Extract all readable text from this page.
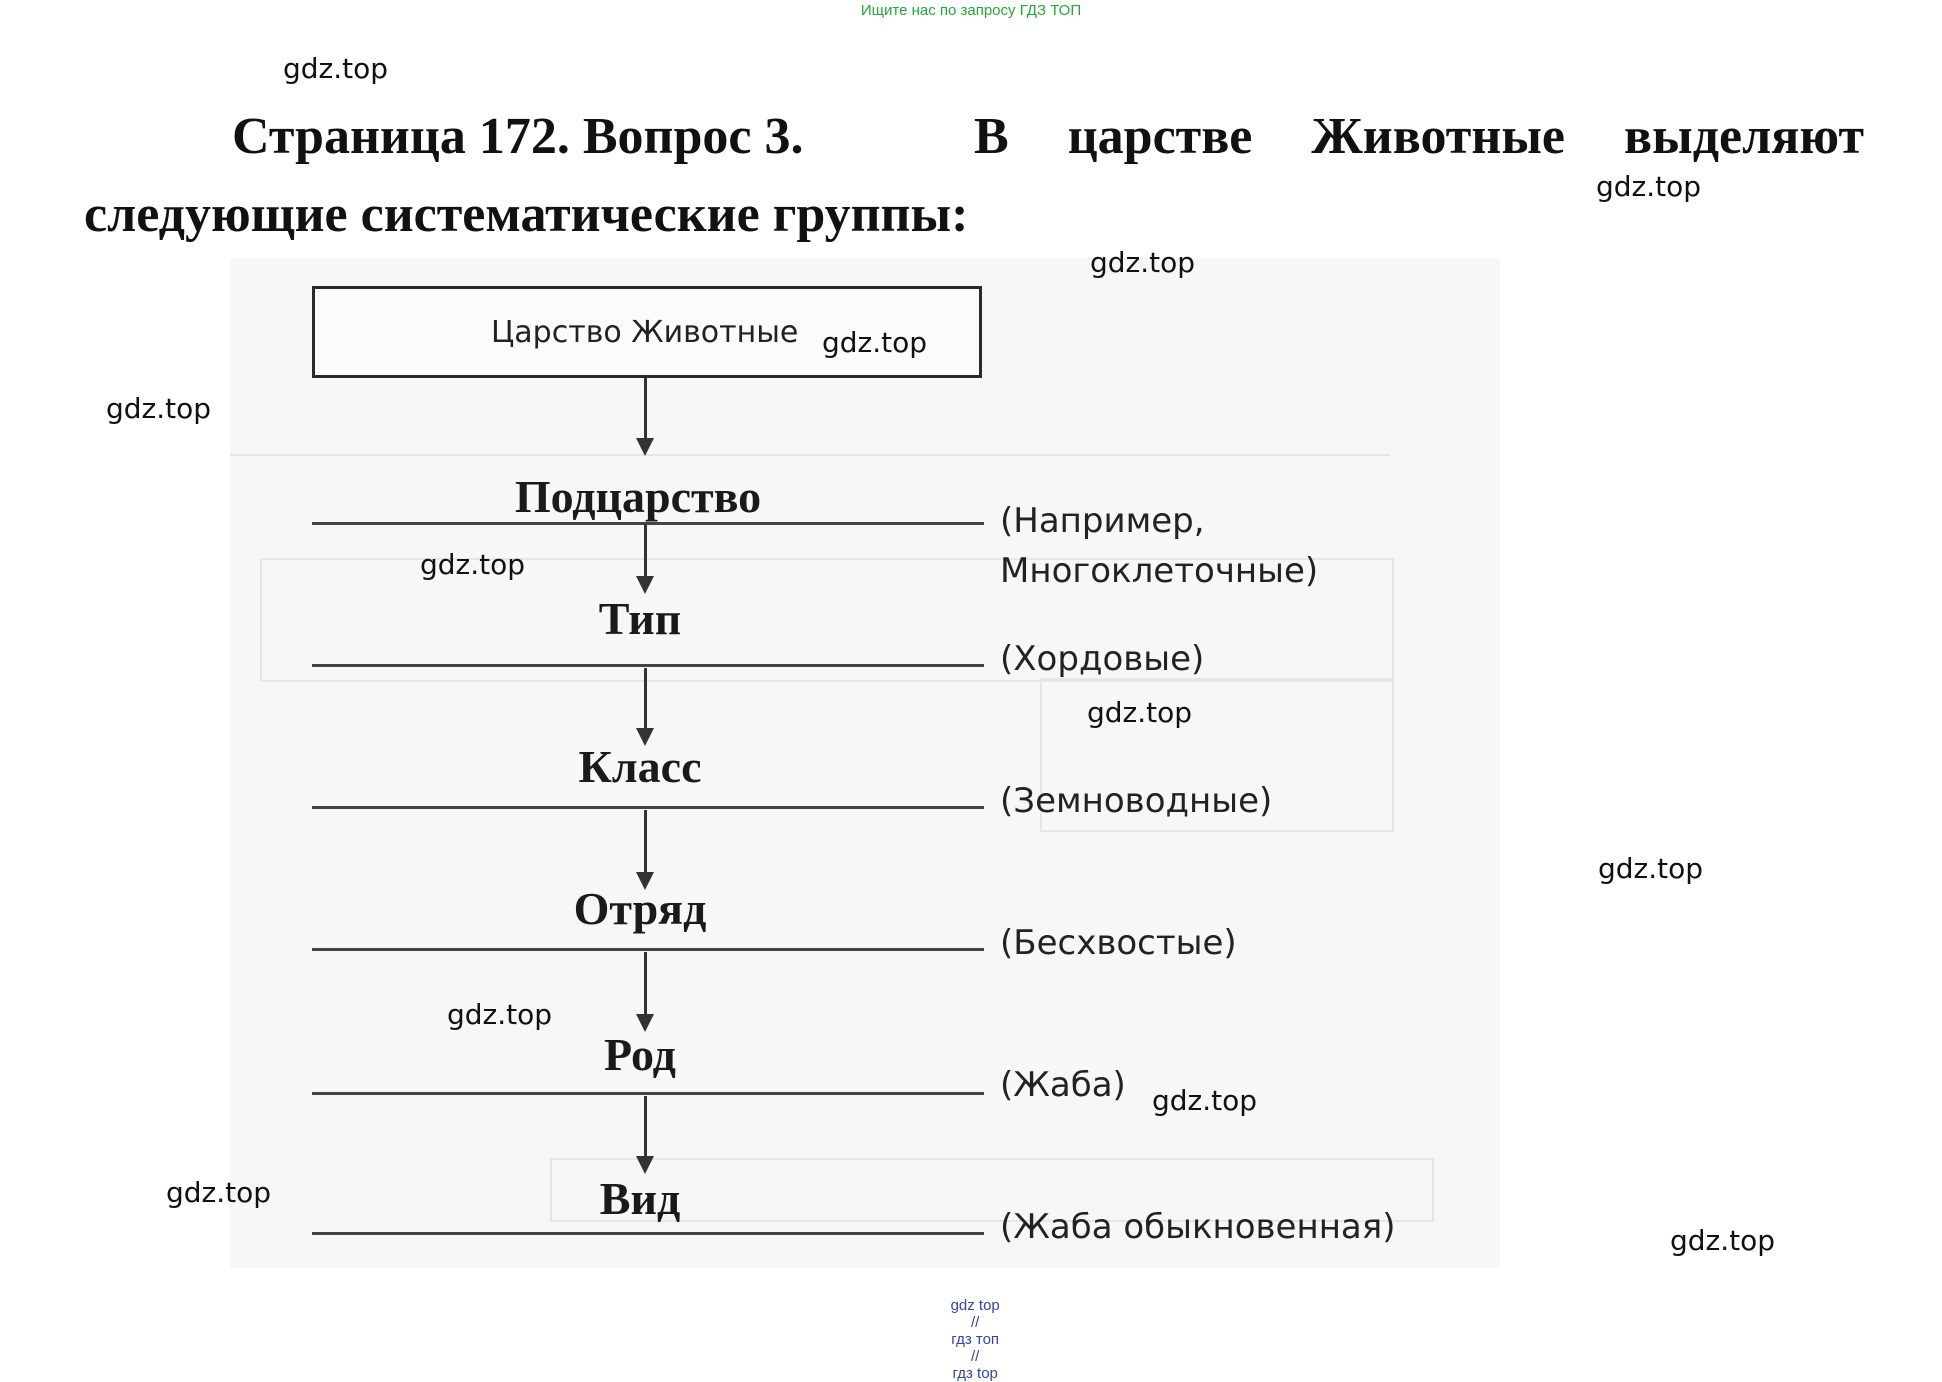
Ищите нас по запросу ГДЗ ТОП
gdz.top
gdz.top
Страница 172. Вопрос 3.	В царстве Животные выделяют
следующие систематические группы:
Царство Животные
Подцарство	(Например,
Многоклеточные)
Тип
(Хордовые)
Класс
(Земноводные)
Отряд
(Бесхвостые)
Род
(Жаба)
Вид
(Жаба обыкновенная)
gdz.top
gdz.top
gdz.top
gdz.top
gdz.top
gdz.top
gdz.top
gdz.top
gdz.top
gdz.top

gdz top
//
гдз топ
//
гдз top
